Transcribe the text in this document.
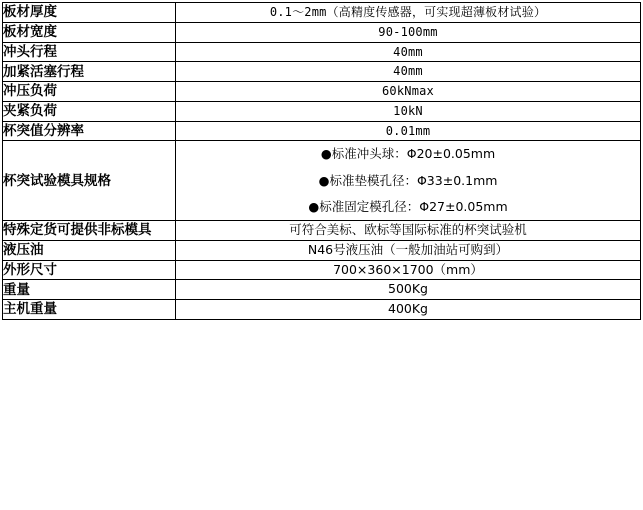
板材厚度	0.1～2mm（高精度传感器，可实现超薄板材试验）
板材宽度	90-100mm
冲头行程	40mm
加紧活塞行程	40mm
冲压负荷	60kNmax
夹紧负荷	10kN
杯突值分辨率	0.01mm
杯突试验模具规格	●标准冲头球：Φ20±0.05mm
●标准垫模孔径：Φ33±0.1mm
●标准固定模孔径：Φ27±0.05mm

特殊定货可提供非标模具	可符合美标、欧标等国际标准的杯突试验机
液压油	N46号液压油（一般加油站可购到）
外形尺寸	700×360×1700（mm）
重量	500Kg
主机重量	400Kg
